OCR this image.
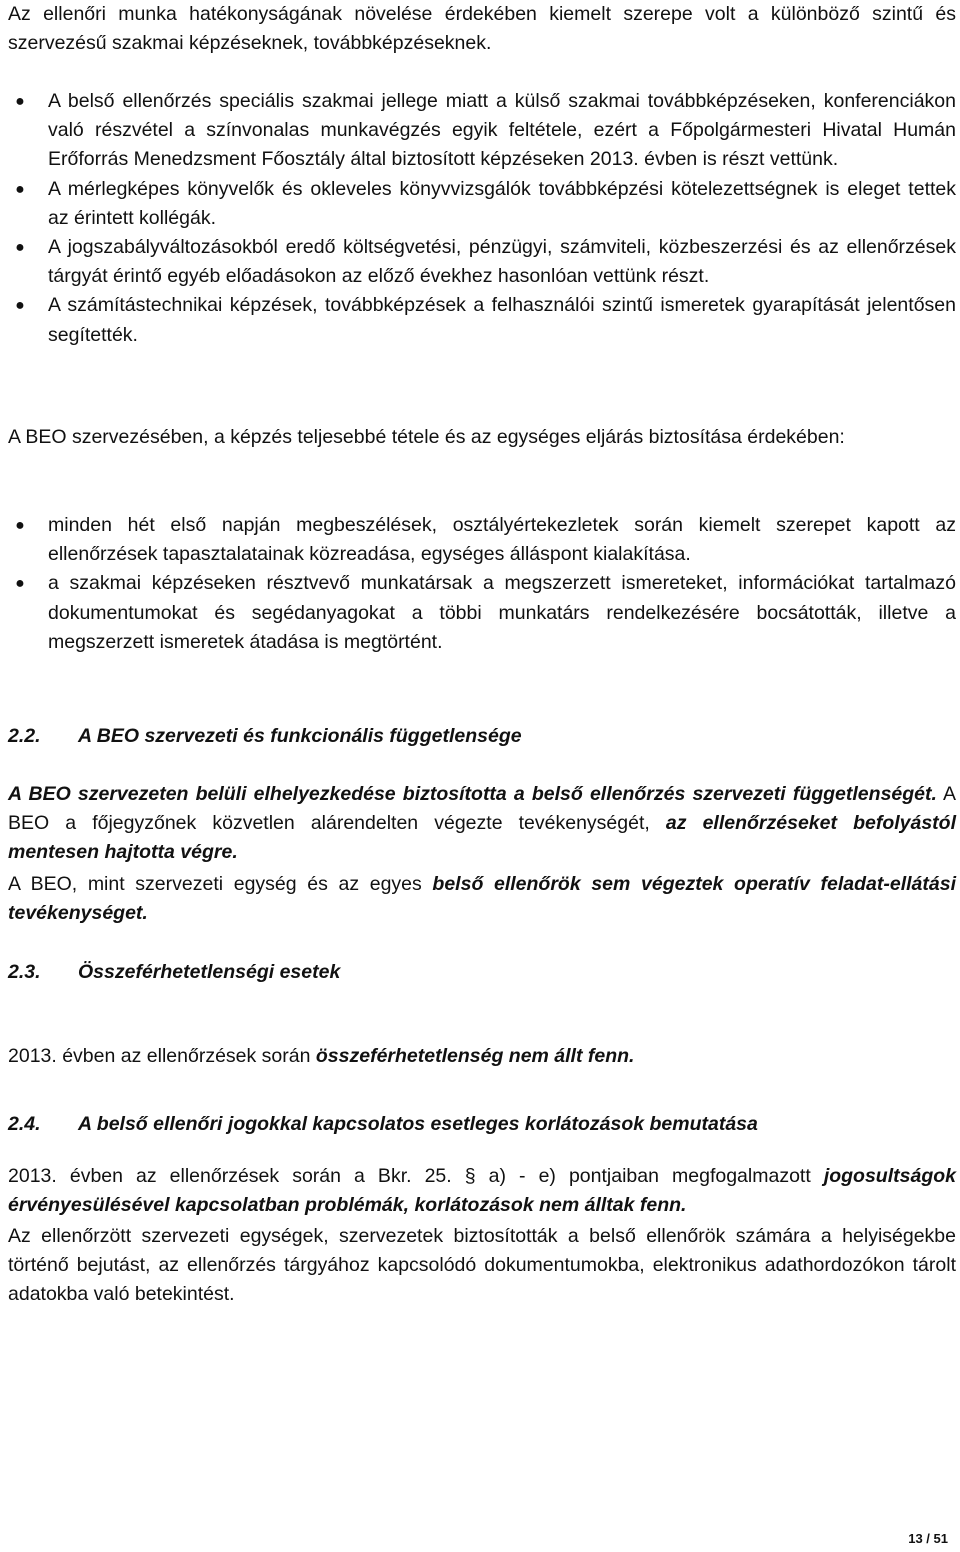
Az ellenőri munka hatékonyságának növelése érdekében kiemelt szerepe volt a különböző szintű és szervezésű szakmai képzéseknek, továbbképzéseknek.

● A belső ellenőrzés speciális szakmai jellege miatt a külső szakmai továbbképzéseken, konferenciákon való részvétel a színvonalas munkavégzés egyik feltétele, ezért a Főpolgármesteri Hivatal Humán Erőforrás Menedzsment Főosztály által biztosított képzéseken 2013. évben is részt vettünk.
● A mérlegképes könyvelők és okleveles könyvvizsgálók továbbképzési kötelezettségnek is eleget tettek az érintett kollégák.
● A jogszabályváltozásokból eredő költségvetési, pénzügyi, számviteli, közbeszerzési és az ellenőrzések tárgyát érintő egyéb előadásokon az előző évekhez hasonlóan vettünk részt.
● A számítástechnikai képzések, továbbképzések a felhasználói szintű ismeretek gyarapítását jelentősen segítették.

A BEO szervezésében, a képzés teljesebbé tétele és az egységes eljárás biztosítása érdekében:

● minden hét első napján megbeszélések, osztályértekezletek során kiemelt szerepet kapott az ellenőrzések tapasztalatainak közreadása, egységes álláspont kialakítása.
● a szakmai képzéseken résztvevő munkatársak a megszerzett ismereteket, információkat tartalmazó dokumentumokat és segédanyagokat a többi munkatárs rendelkezésére bocsátották, illetve a megszerzett ismeretek átadása is megtörtént.
2.2. A BEO szervezeti és funkcionális függetlensége

A BEO szervezeten belüli elhelyezkedése biztosította a belső ellenőrzés szervezeti függetlenségét. A BEO a főjegyzőnek közvetlen alárendelten végezte tevékenységét, az ellenőrzéseket befolyástól mentesen hajtotta végre.

A BEO, mint szervezeti egység és az egyes belső ellenőrök sem végeztek operatív feladat-ellátási tevékenységet.

2.3. Összeférhetetlenségi esetek

2013. évben az ellenőrzések során összeférhetetlenség nem állt fenn.

2.4. A belső ellenőri jogokkal kapcsolatos esetleges korlátozások bemutatása

2013. évben az ellenőrzések során a Bkr. 25. § a) - e) pontjaiban megfogalmazott jogosultságok érvényesülésével kapcsolatban problémák, korlátozások nem álltak fenn.

Az ellenőrzött szervezeti egységek, szervezetek biztosították a belső ellenőrök számára a helyiségekbe történő bejutást, az ellenőrzés tárgyához kapcsolódó dokumentumokba, elektronikus adathordozókon tárolt adatokba való betekintést.

13 / 51
